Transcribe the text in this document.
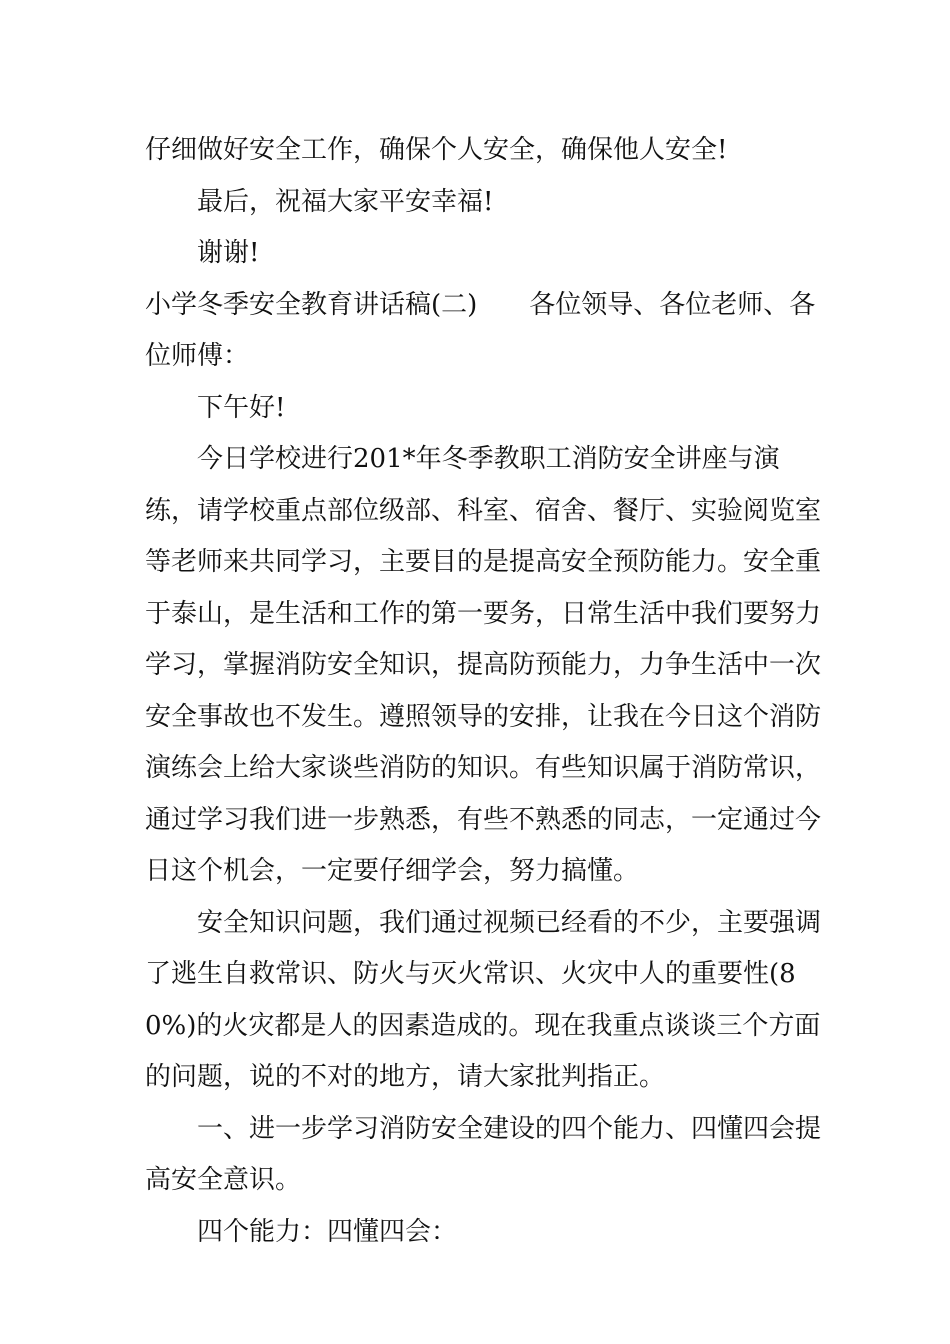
仔细做好安全工作，确保个人安全，确保他人安全!

最后，祝福大家平安幸福!

谢谢!

小学冬季安全教育讲话稿(二) 各位领导、各位老师、各位师傅：

下午好!

今日学校进行201*年冬季教职工消防安全讲座与演练，请学校重点部位级部、科室、宿舍、餐厅、实验阅览室等老师来共同学习，主要目的是提高安全预防能力。安全重于泰山，是生活和工作的第一要务，日常生活中我们要努力学习，掌握消防安全知识，提高防预能力，力争生活中一次安全事故也不发生。遵照领导的安排，让我在今日这个消防演练会上给大家谈些消防的知识。有些知识属于消防常识，通过学习我们进一步熟悉，有些不熟悉的同志，一定通过今日这个机会，一定要仔细学会，努力搞懂。

安全知识问题，我们通过视频已经看的不少，主要强调了逃生自救常识、防火与灭火常识、火灾中人的重要性(80%)的火灾都是人的因素造成的。现在我重点谈谈三个方面的问题，说的不对的地方，请大家批判指正。

一、进一步学习消防安全建设的四个能力、四懂四会提高安全意识。

四个能力：四懂四会：
